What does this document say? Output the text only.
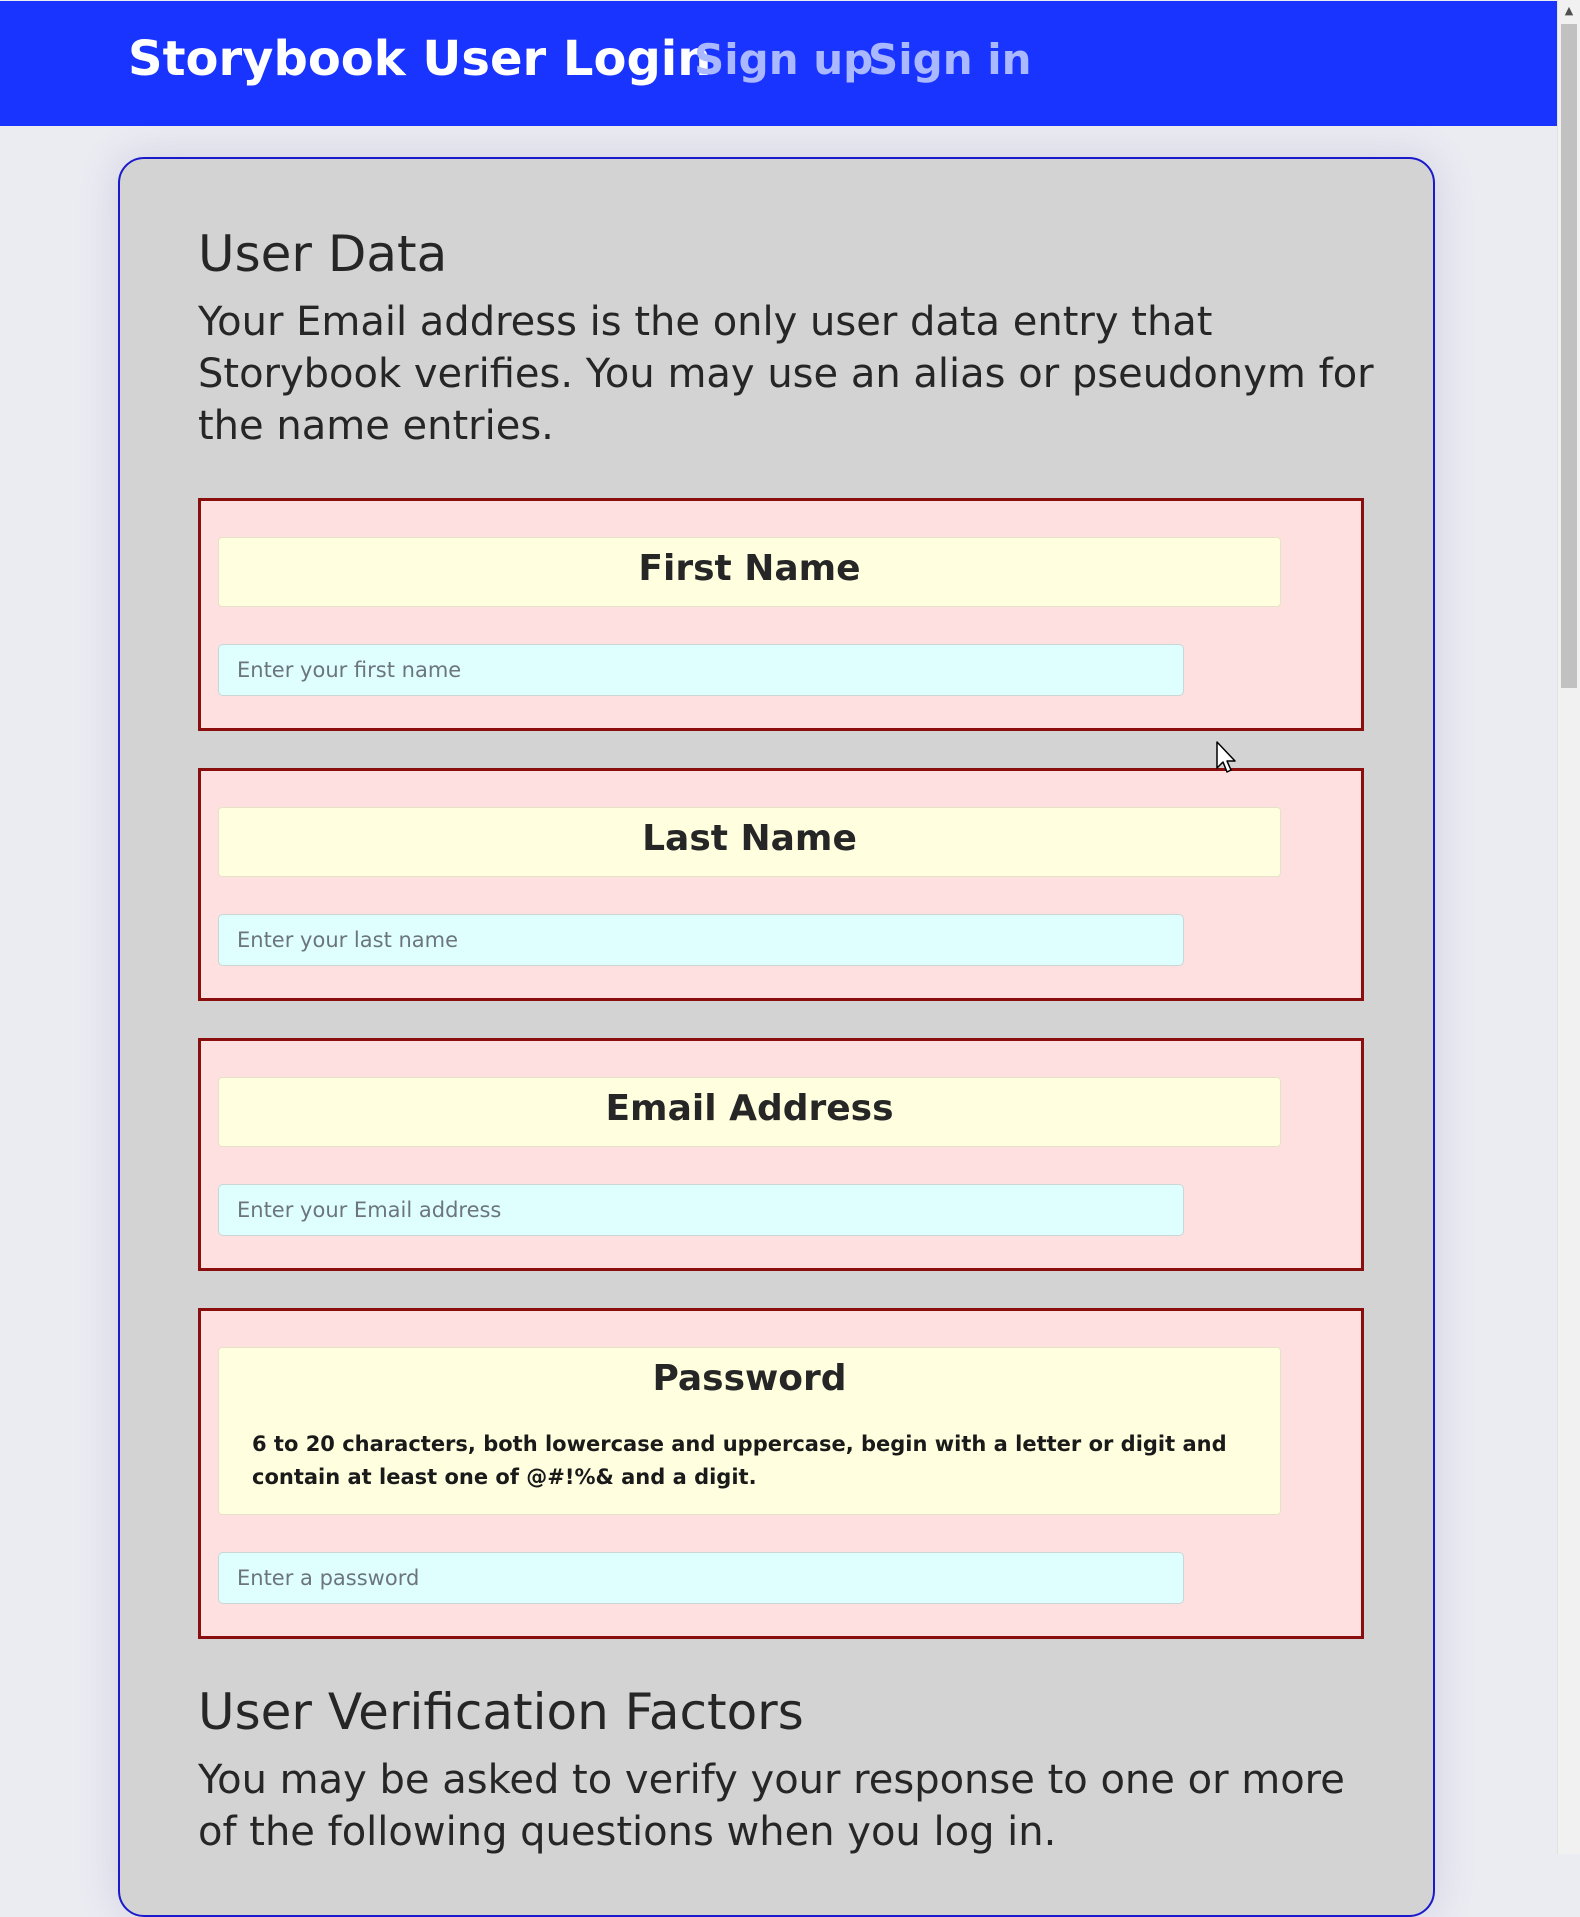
Storybook User Login
Sign up
Sign in
User Data

Your Email address is the only user data entry that Storybook verifies. You may use an alias or pseudonym for the name entries.

First Name
Enter your first name
Last Name
Enter your last name
Email Address
Enter your Email address
Password
6 to 20 characters, both lowercase and uppercase, begin with a letter or digit and contain at least one of @#!%& and a digit.
User Verification Factors

You may be asked to verify your response to one or more of the following questions when you log in.

▲
